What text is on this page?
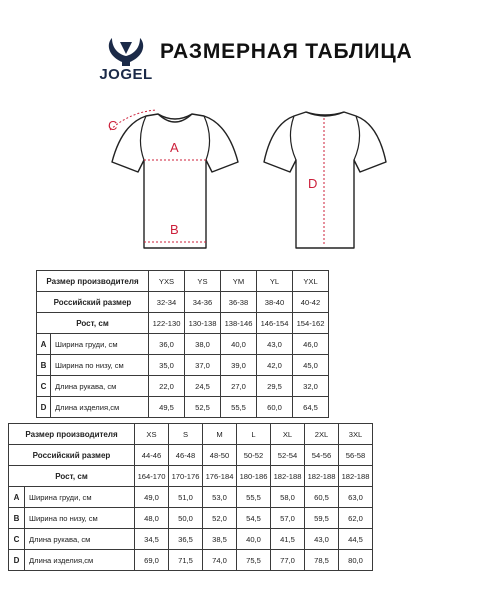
JOGEL
РАЗМЕРНАЯ ТАБЛИЦА
A
B
C
D
Размер производителя		YXS	YS	YM	YL	YXL
Российский размер		32-34	34-36	36-38	38-40	40-42
Рост, см		122-130	130-138	138-146	146-154	154-162
A	Ширина груди, см	36,0	38,0	40,0	43,0	46,0
B	Ширина по низу, см	35,0	37,0	39,0	42,0	45,0
C	Длина рукава, см	22,0	24,5	27,0	29,5	32,0
D	Длина изделия,см	49,5	52,5	55,5	60,0	64,5
Размер производителя		XS	S	M	L	XL	2XL	3XL
Российский размер		44-46	46-48	48-50	50-52	52-54	54-56	56-58
Рост, см		164-170	170-176	176-184	180-186	182-188	182-188	182-188
A	Ширина груди, см	49,0	51,0	53,0	55,5	58,0	60,5	63,0
B	Ширина по низу, см	48,0	50,0	52,0	54,5	57,0	59,5	62,0
C	Длина рукава, см	34,5	36,5	38,5	40,0	41,5	43,0	44,5
D	Длина изделия,см	69,0	71,5	74,0	75,5	77,0	78,5	80,0
